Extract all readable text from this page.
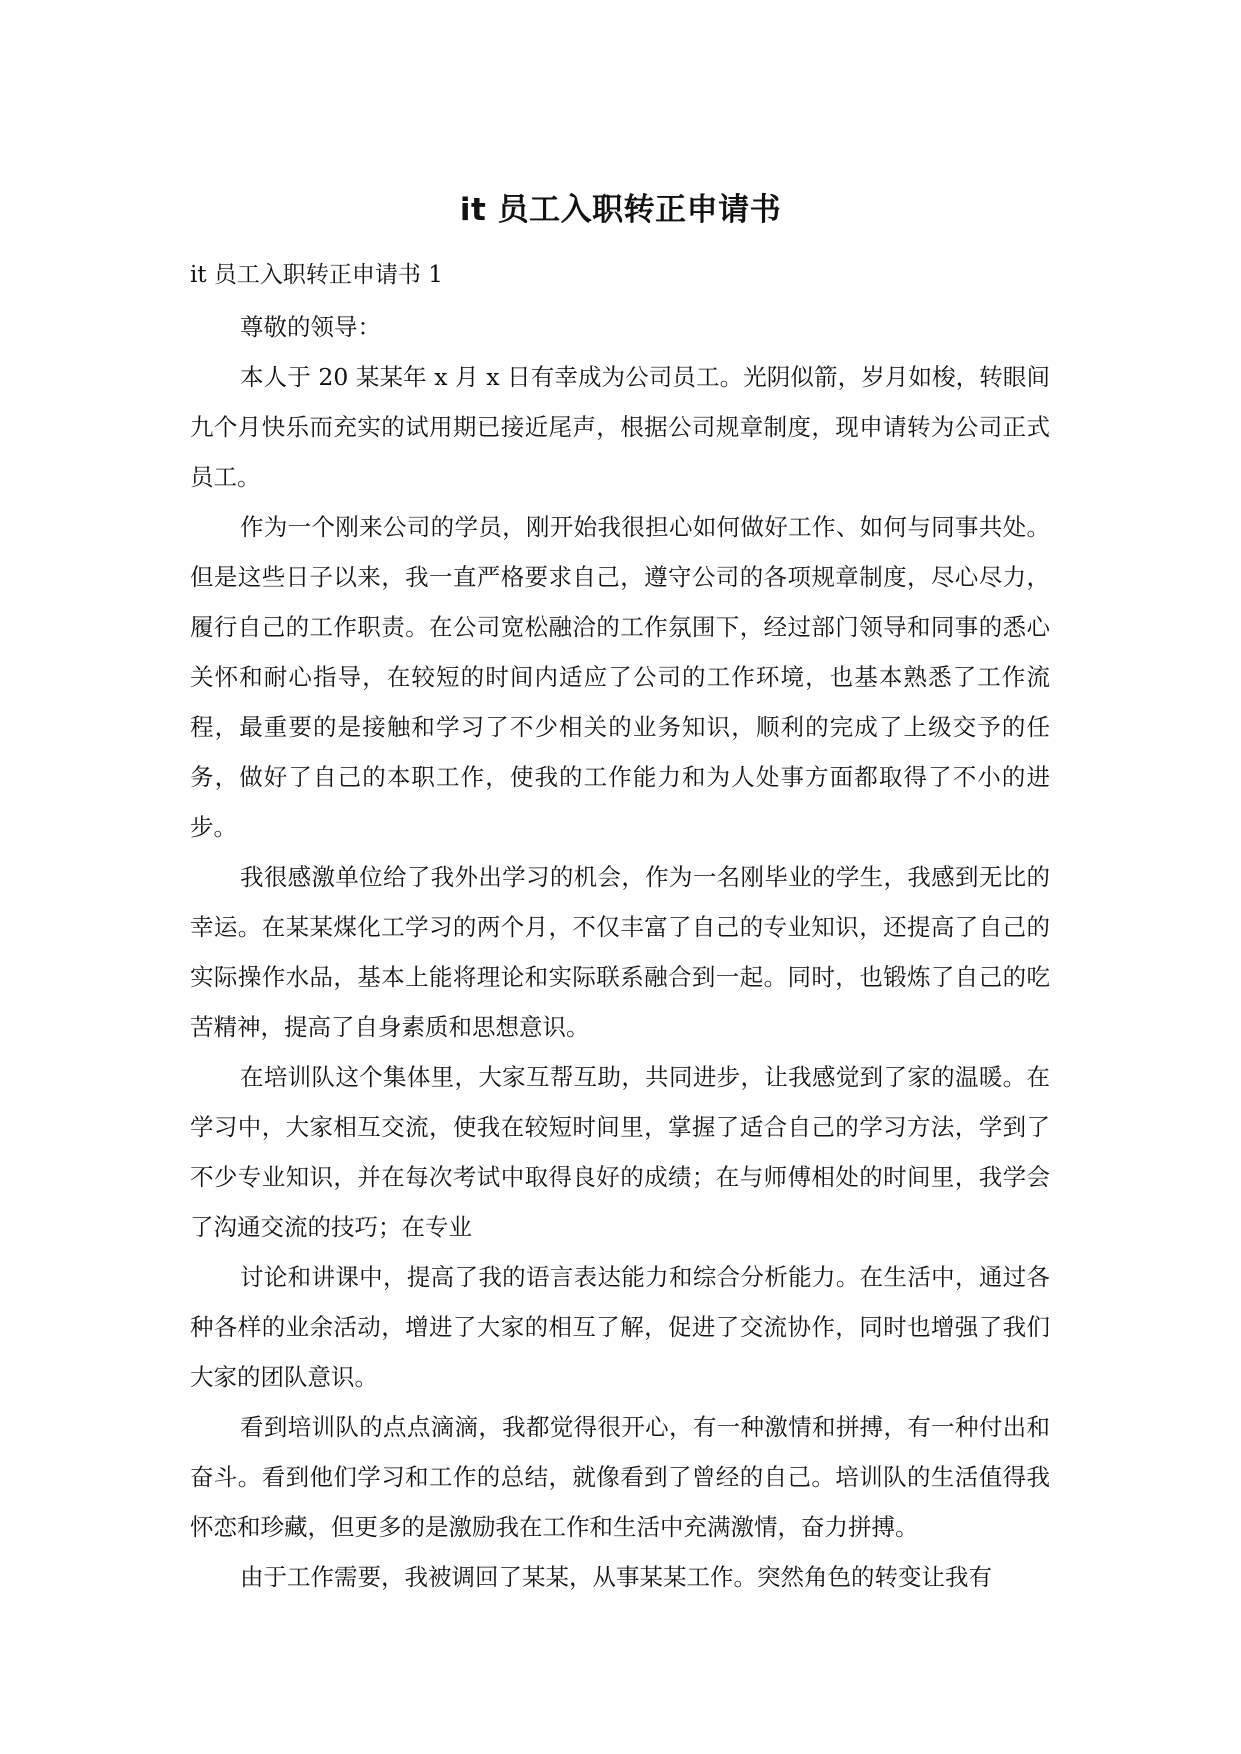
it 员工入职转正申请书

it 员工入职转正申请书 1

尊敬的领导：

本人于 20 某某年 x 月 x 日有幸成为公司员工。光阴似箭，岁月如梭，转眼间九个月快乐而充实的试用期已接近尾声，根据公司规章制度，现申请转为公司正式员工。

作为一个刚来公司的学员，刚开始我很担心如何做好工作、如何与同事共处。但是这些日子以来，我一直严格要求自己，遵守公司的各项规章制度，尽心尽力，履行自己的工作职责。在公司宽松融洽的工作氛围下，经过部门领导和同事的悉心关怀和耐心指导，在较短的时间内适应了公司的工作环境，也基本熟悉了工作流程，最重要的是接触和学习了不少相关的业务知识，顺利的完成了上级交予的任务，做好了自己的本职工作，使我的工作能力和为人处事方面都取得了不小的进步。

我很感激单位给了我外出学习的机会，作为一名刚毕业的学生，我感到无比的幸运。在某某煤化工学习的两个月，不仅丰富了自己的专业知识，还提高了自己的实际操作水品，基本上能将理论和实际联系融合到一起。同时，也锻炼了自己的吃苦精神，提高了自身素质和思想意识。

在培训队这个集体里，大家互帮互助，共同进步，让我感觉到了家的温暖。在学习中，大家相互交流，使我在较短时间里，掌握了适合自己的学习方法，学到了不少专业知识，并在每次考试中取得良好的成绩；在与师傅相处的时间里，我学会了沟通交流的技巧；在专业

讨论和讲课中，提高了我的语言表达能力和综合分析能力。在生活中，通过各种各样的业余活动，增进了大家的相互了解，促进了交流协作，同时也增强了我们大家的团队意识。

看到培训队的点点滴滴，我都觉得很开心，有一种激情和拼搏，有一种付出和奋斗。看到他们学习和工作的总结，就像看到了曾经的自己。培训队的生活值得我怀恋和珍藏，但更多的是激励我在工作和生活中充满激情，奋力拼搏。

由于工作需要，我被调回了某某，从事某某工作。突然角色的转变让我有
